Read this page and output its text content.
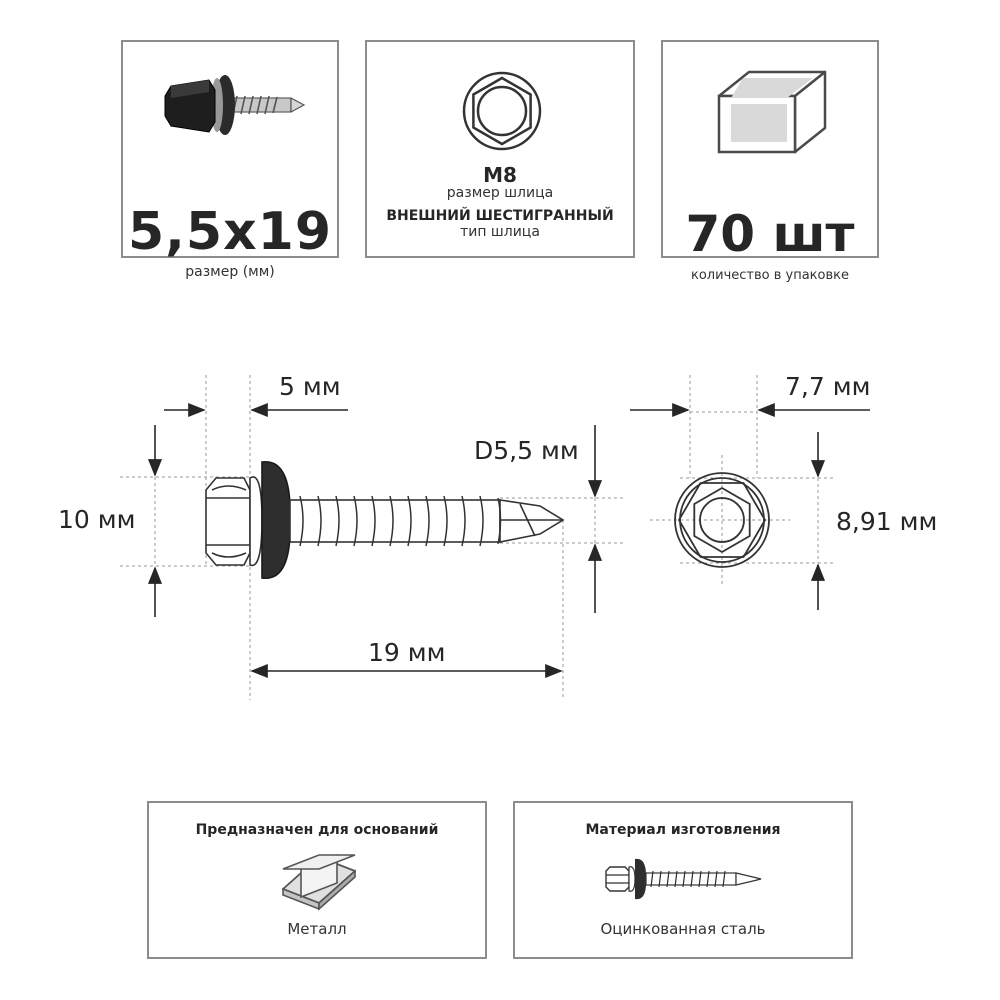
5,5x19
размер (мм)
M8
размер шлица
ВНЕШНИЙ ШЕСТИГРАННЫЙ
тип шлица	70 шт
количество в упаковке
5 мм
10 мм
D5,5 мм
19 мм
7,7 мм
8,91 мм
Предназначен для оснований
Металл
Материал изготовления
Оцинкованная сталь
